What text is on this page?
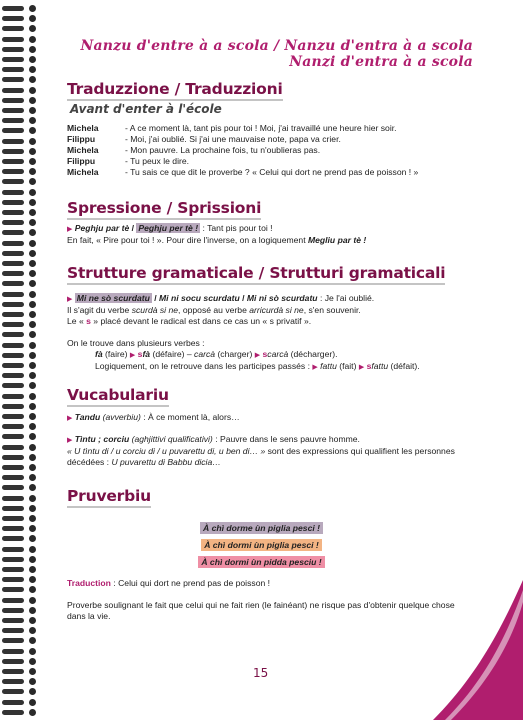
Nanzu d'entre à a scola / Nanzu d'entra à a scola
Nanzi d'entra à a scola
Traduzzione / Traduzzioni
Avant d'enter à l'école
Michela	- A ce moment là, tant pis pour toi ! Moi, j'ai travaillé une heure hier soir.
Filippu	- Moi, j'ai oublié. Si j'ai une mauvaise note, papa va crier.
Michela	- Mon pauvre. La prochaine fois, tu n'oublieras pas.
Filippu	- Tu peux le dire.
Michela	- Tu sais ce que dit le proverbe ? « Celui qui dort ne prend pas de poisson ! »
Spressione / Sprissioni
▶ Peghju par tè / Peghju per tè ! : Tant pis pour toi !
En fait, « Pire pour toi ! ». Pour dire l'inverse, on a logiquement Megliu par tè !
Strutture gramaticale / Strutturi gramaticali
▶ Mi ne sò scurdatu / Mi ni socu scurdatu / Mi ni sò scurdatu : Je l'ai oublié.
Il s'agit du verbe scurdà si ne, opposé au verbe arricurdà si ne, s'en souvenir.
Le « s » placé devant le radical est dans ce cas un « s privatif ».
On le trouve dans plusieurs verbes :
fà (faire) ▶ sfà (défaire) – carcà (charger) ▶ scarcà (décharger).
Logiquement, on le retrouve dans les participes passés : ▶ fattu (fait) ▶ sfattu (défait).
Vucabulariu
▶ Tandu (avverbiu) : À ce moment là, alors…
▶ Tìntu ; corciu (aghjittivi qualificativi) : Pauvre dans le sens pauvre homme.
« U tìntu di / u corciu di / u puvarettu di, u ben di… » sont des expressions qui qualifient les personnes
décédées : U puvarettu di Babbu dicia…
Pruverbiu
À chì dorme ùn piglia pesci !
À chì dormi ùn piglia pesci !
À chì dormi ùn pidda pesciu !
Traduction : Celui qui dort ne prend pas de poisson !
Proverbe soulignant le fait que celui qui ne fait rien (le fainéant) ne risque pas d'obtenir quelque chose dans la vie.
15
